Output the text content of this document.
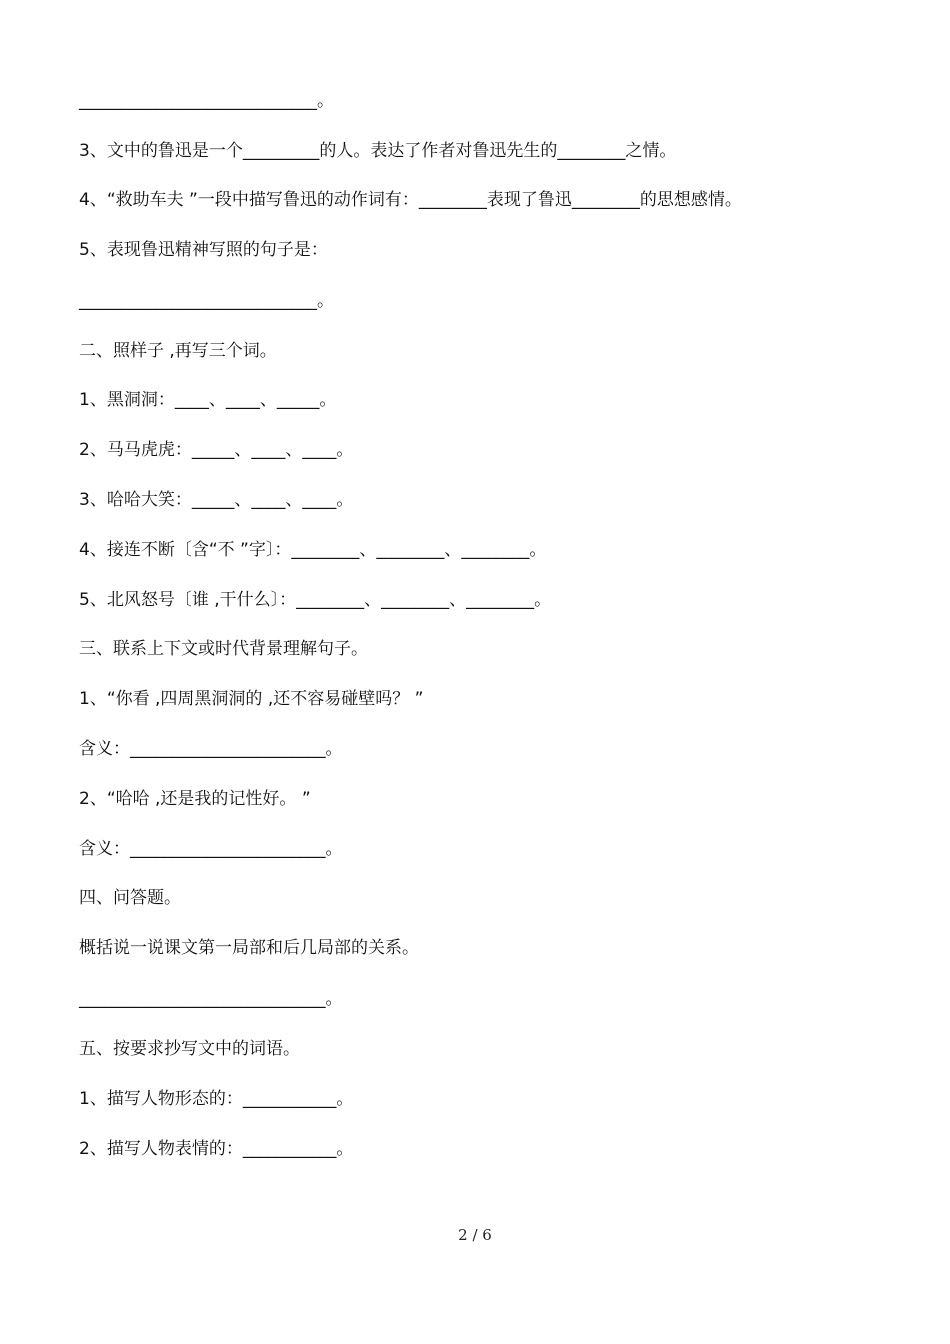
____________________________。
3、文中的鲁迅是一个_________的人。表达了作者对鲁迅先生的________之情。
4、“救助车夫 ”一段中描写鲁迅的动作词有：________表现了鲁迅________的思想感情。
5、表现鲁迅精神写照的句子是：
____________________________。
二、照样子 ,再写三个词。
1、黑洞洞：____、____、_____。
2、马马虎虎：_____、____、____。
3、哈哈大笑：_____、____、____。
4、接连不断〔含“不 ”字〕：________、________、________。
5、北风怒号〔谁 ,干什么〕：________、________、________。
三、联系上下文或时代背景理解句子。
1、“你看 ,四周黑洞洞的 ,还不容易碰壁吗？ ”
含义：_______________________。
2、“哈哈 ,还是我的记性好。 ”
含义：_______________________。
四、问答题。
概括说一说课文第一局部和后几局部的关系。
_____________________________。
五、按要求抄写文中的词语。
1、描写人物形态的：___________。
2、描写人物表情的：___________。
2 / 6
